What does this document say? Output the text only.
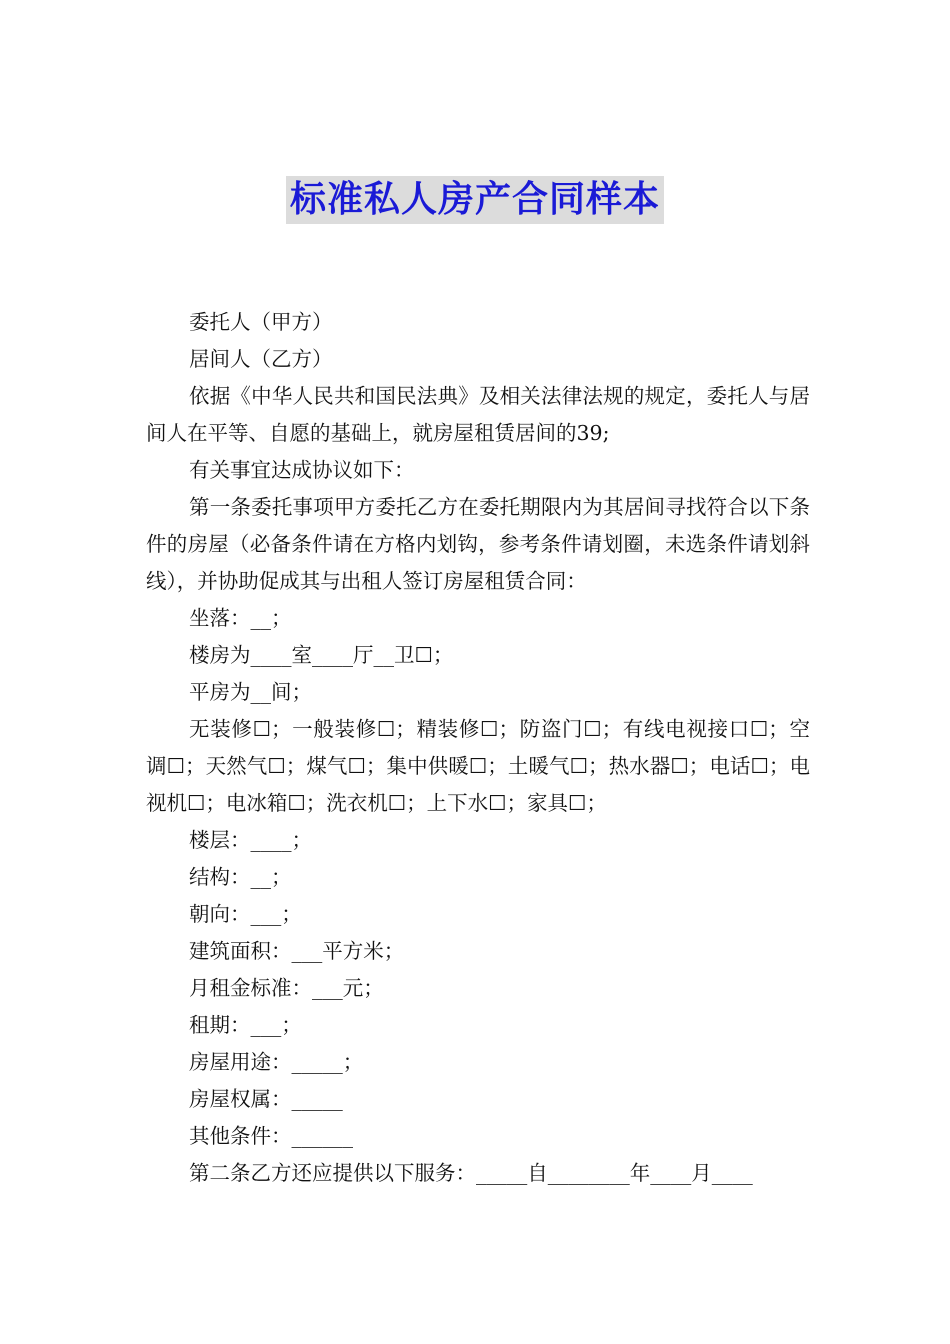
标准私人房产合同样本

委托人（甲方）

居间人（乙方）

依据《中华人民共和国民法典》及相关法律法规的规定，委托人与居间人在平等、自愿的基础上，就房屋租赁居间的39;

有关事宜达成协议如下：

第一条委托事项甲方委托乙方在委托期限内为其居间寻找符合以下条件的房屋（必备条件请在方格内划钩，参考条件请划圈，未选条件请划斜线），并协助促成其与出租人签订房屋租赁合同：

坐落：__；

楼房为____室____厅__卫☐；

平房为__间；

无装修☐；一般装修☐；精装修☐；防盗门☐；有线电视接口☐；空调☐；天然气☐；煤气☐；集中供暖☐；土暖气☐；热水器☐；电话☐；电视机☐；电冰箱☐；洗衣机☐；上下水☐；家具☐；

楼层：____；

结构：__；

朝向：___；

建筑面积：___平方米；

月租金标准：___元；

租期：___；

房屋用途：_____；

房屋权属：_____

其他条件：______

第二条乙方还应提供以下服务：_____自________年____月____
